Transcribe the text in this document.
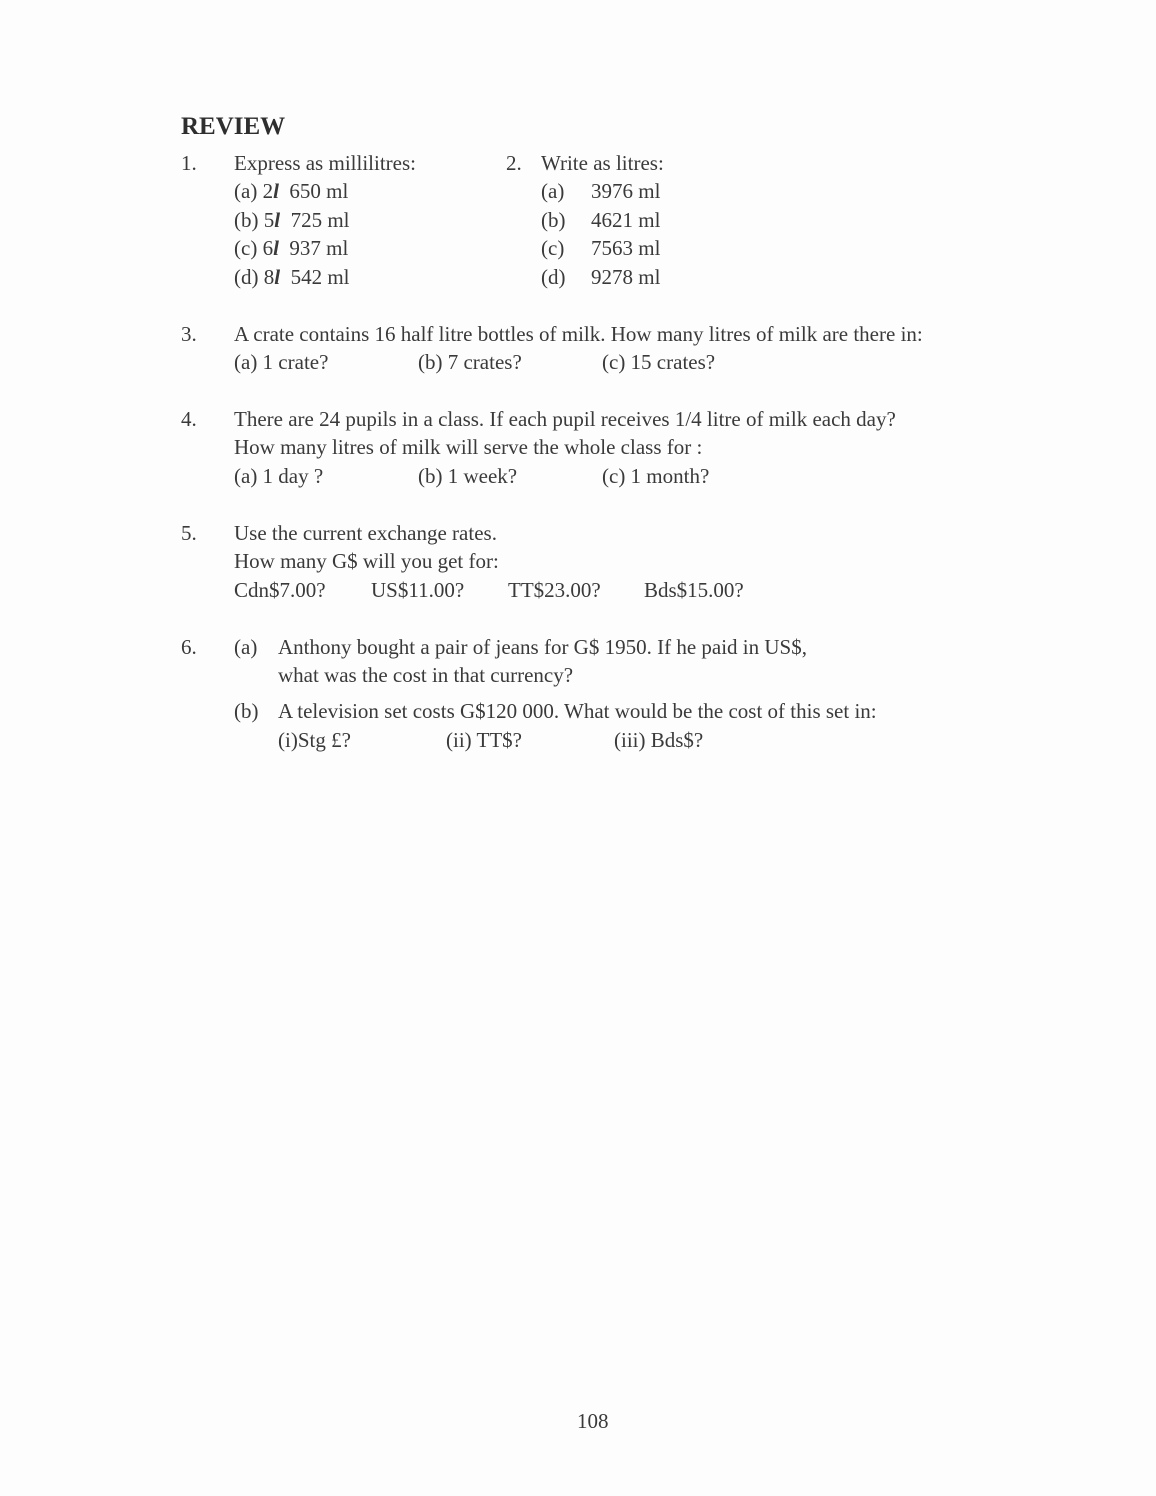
REVIEW
1. Express as millilitres:
(a) 2l 650 ml
(b) 5l 725 ml
(c) 6l 937 ml
(d) 8l 542 ml
2. Write as litres:
(a) 3976 ml
(b) 4621 ml
(c) 7563 ml
(d) 9278 ml
3. A crate contains 16 half litre bottles of milk. How many litres of milk are there in:
(a) 1 crate?	(b) 7 crates?	(c) 15 crates?
4. There are 24 pupils in a class. If each pupil receives 1/4 litre of milk each day?
How many litres of milk will serve the whole class for :
(a) 1 day ?	(b) 1 week?	(c) 1 month?
5. Use the current exchange rates.
How many G$ will you get for:
Cdn$7.00? US$11.00? TT$23.00? Bds$15.00?
6. (a) Anthony bought a pair of jeans for G$ 1950. If he paid in US$,
what was the cost in that currency?
(b) A television set costs G$120 000. What would be the cost of this set in:
(i)Stg £?	(ii) TT$?	(iii) Bds$?
108
